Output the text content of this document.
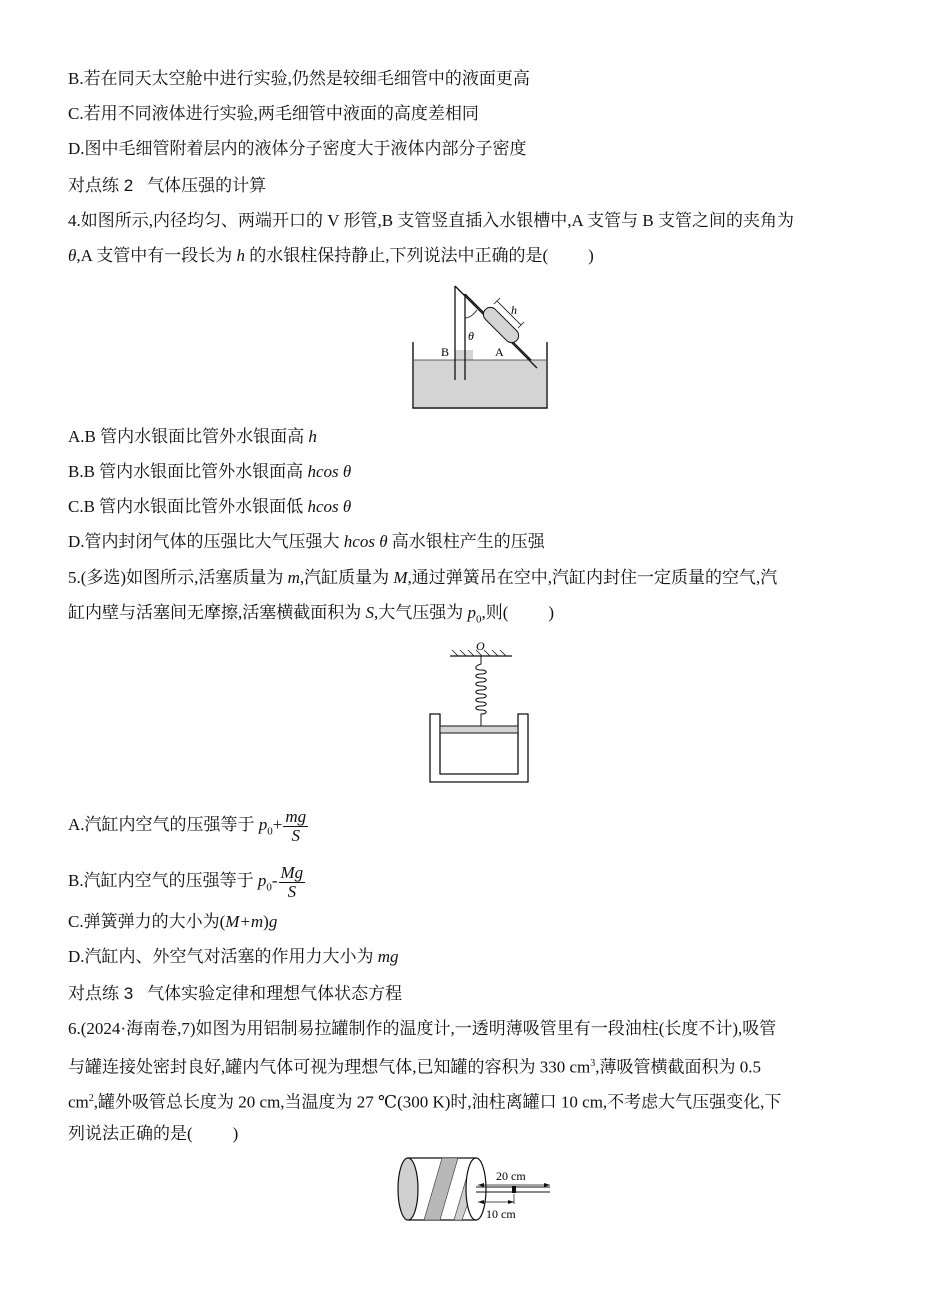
B.若在同天太空舱中进行实验,仍然是较细毛细管中的液面更高
C.若用不同液体进行实验,两毛细管中液面的高度差相同
D.图中毛细管附着层内的液体分子密度大于液体内部分子密度
对点练 2 气体压强的计算
4.如图所示,内径均匀、两端开口的 V 形管,B 支管竖直插入水银槽中,A 支管与 B 支管之间的夹角为
θ,A 支管中有一段长为 h 的水银柱保持静止,下列说法中正确的是( )
h
θ
B	A
A.B 管内水银面比管外水银面高 h
B.B 管内水银面比管外水银面高 hcos θ
C.B 管内水银面比管外水银面低 hcos θ
D.管内封闭气体的压强比大气压强大 hcos θ 高水银柱产生的压强
5.(多选)如图所示,活塞质量为 m,汽缸质量为 M,通过弹簧吊在空中,汽缸内封住一定质量的空气,汽
缸内壁与活塞间无摩擦,活塞横截面积为 S,大气压强为 $p_0$,则( )
O
A.汽缸内空气的压强等于 $p_0+ \frac{mg}{S}$
B.汽缸内空气的压强等于 $p_0- \frac{Mg}{S}$
C.弹簧弹力的大小为(M+m)g
D.汽缸内、外空气对活塞的作用力大小为 mg
对点练 3 气体实验定律和理想气体状态方程
6.(2024·海南卷,7)如图为用铝制易拉罐制作的温度计,一透明薄吸管里有一段油柱(长度不计),吸管
与罐连接处密封良好,罐内气体可视为理想气体,已知罐的容积为 330 $cm^3$,薄吸管横截面积为 0.5
$cm^2$,罐外吸管总长度为 20 cm,当温度为 27 ℃(300 K)时,油柱离罐口 10 cm,不考虑大气压强变化,下
列说法正确的是( )
20 cm
10 cm
